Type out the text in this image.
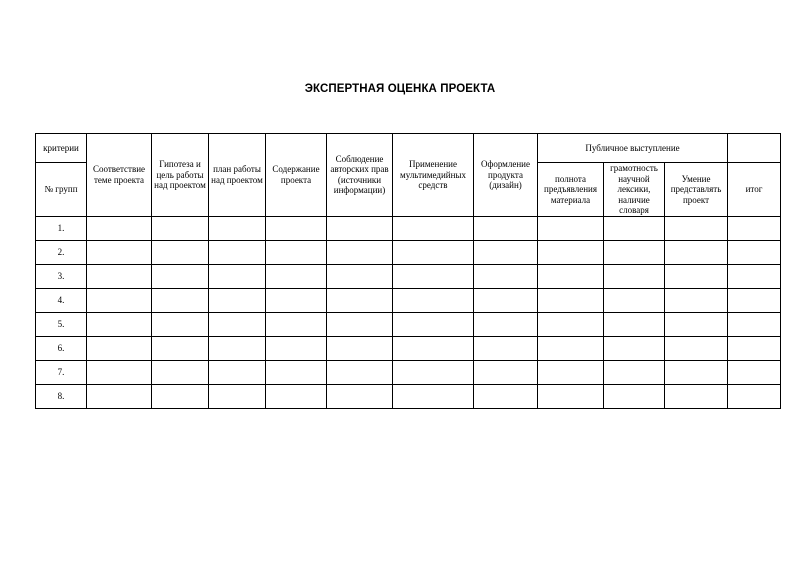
ЭКСПЕРТНАЯ ОЦЕНКА ПРОЕКТА
критерии	Соответствие теме проекта	Гипотеза и цель работы над проектом	план работы над проектом	Содержание проекта	Соблюдение авторских прав (источники информации)	Применение мультимедийных средств	Оформление продукта (дизайн)	Публичное выступление			
№ групп								полнота предъявления материала	грамотность научной лексики, наличие словаря	Умение представлять проект	итог
1.											
2.											
3.											
4.											
5.											
6.											
7.											
8.											
